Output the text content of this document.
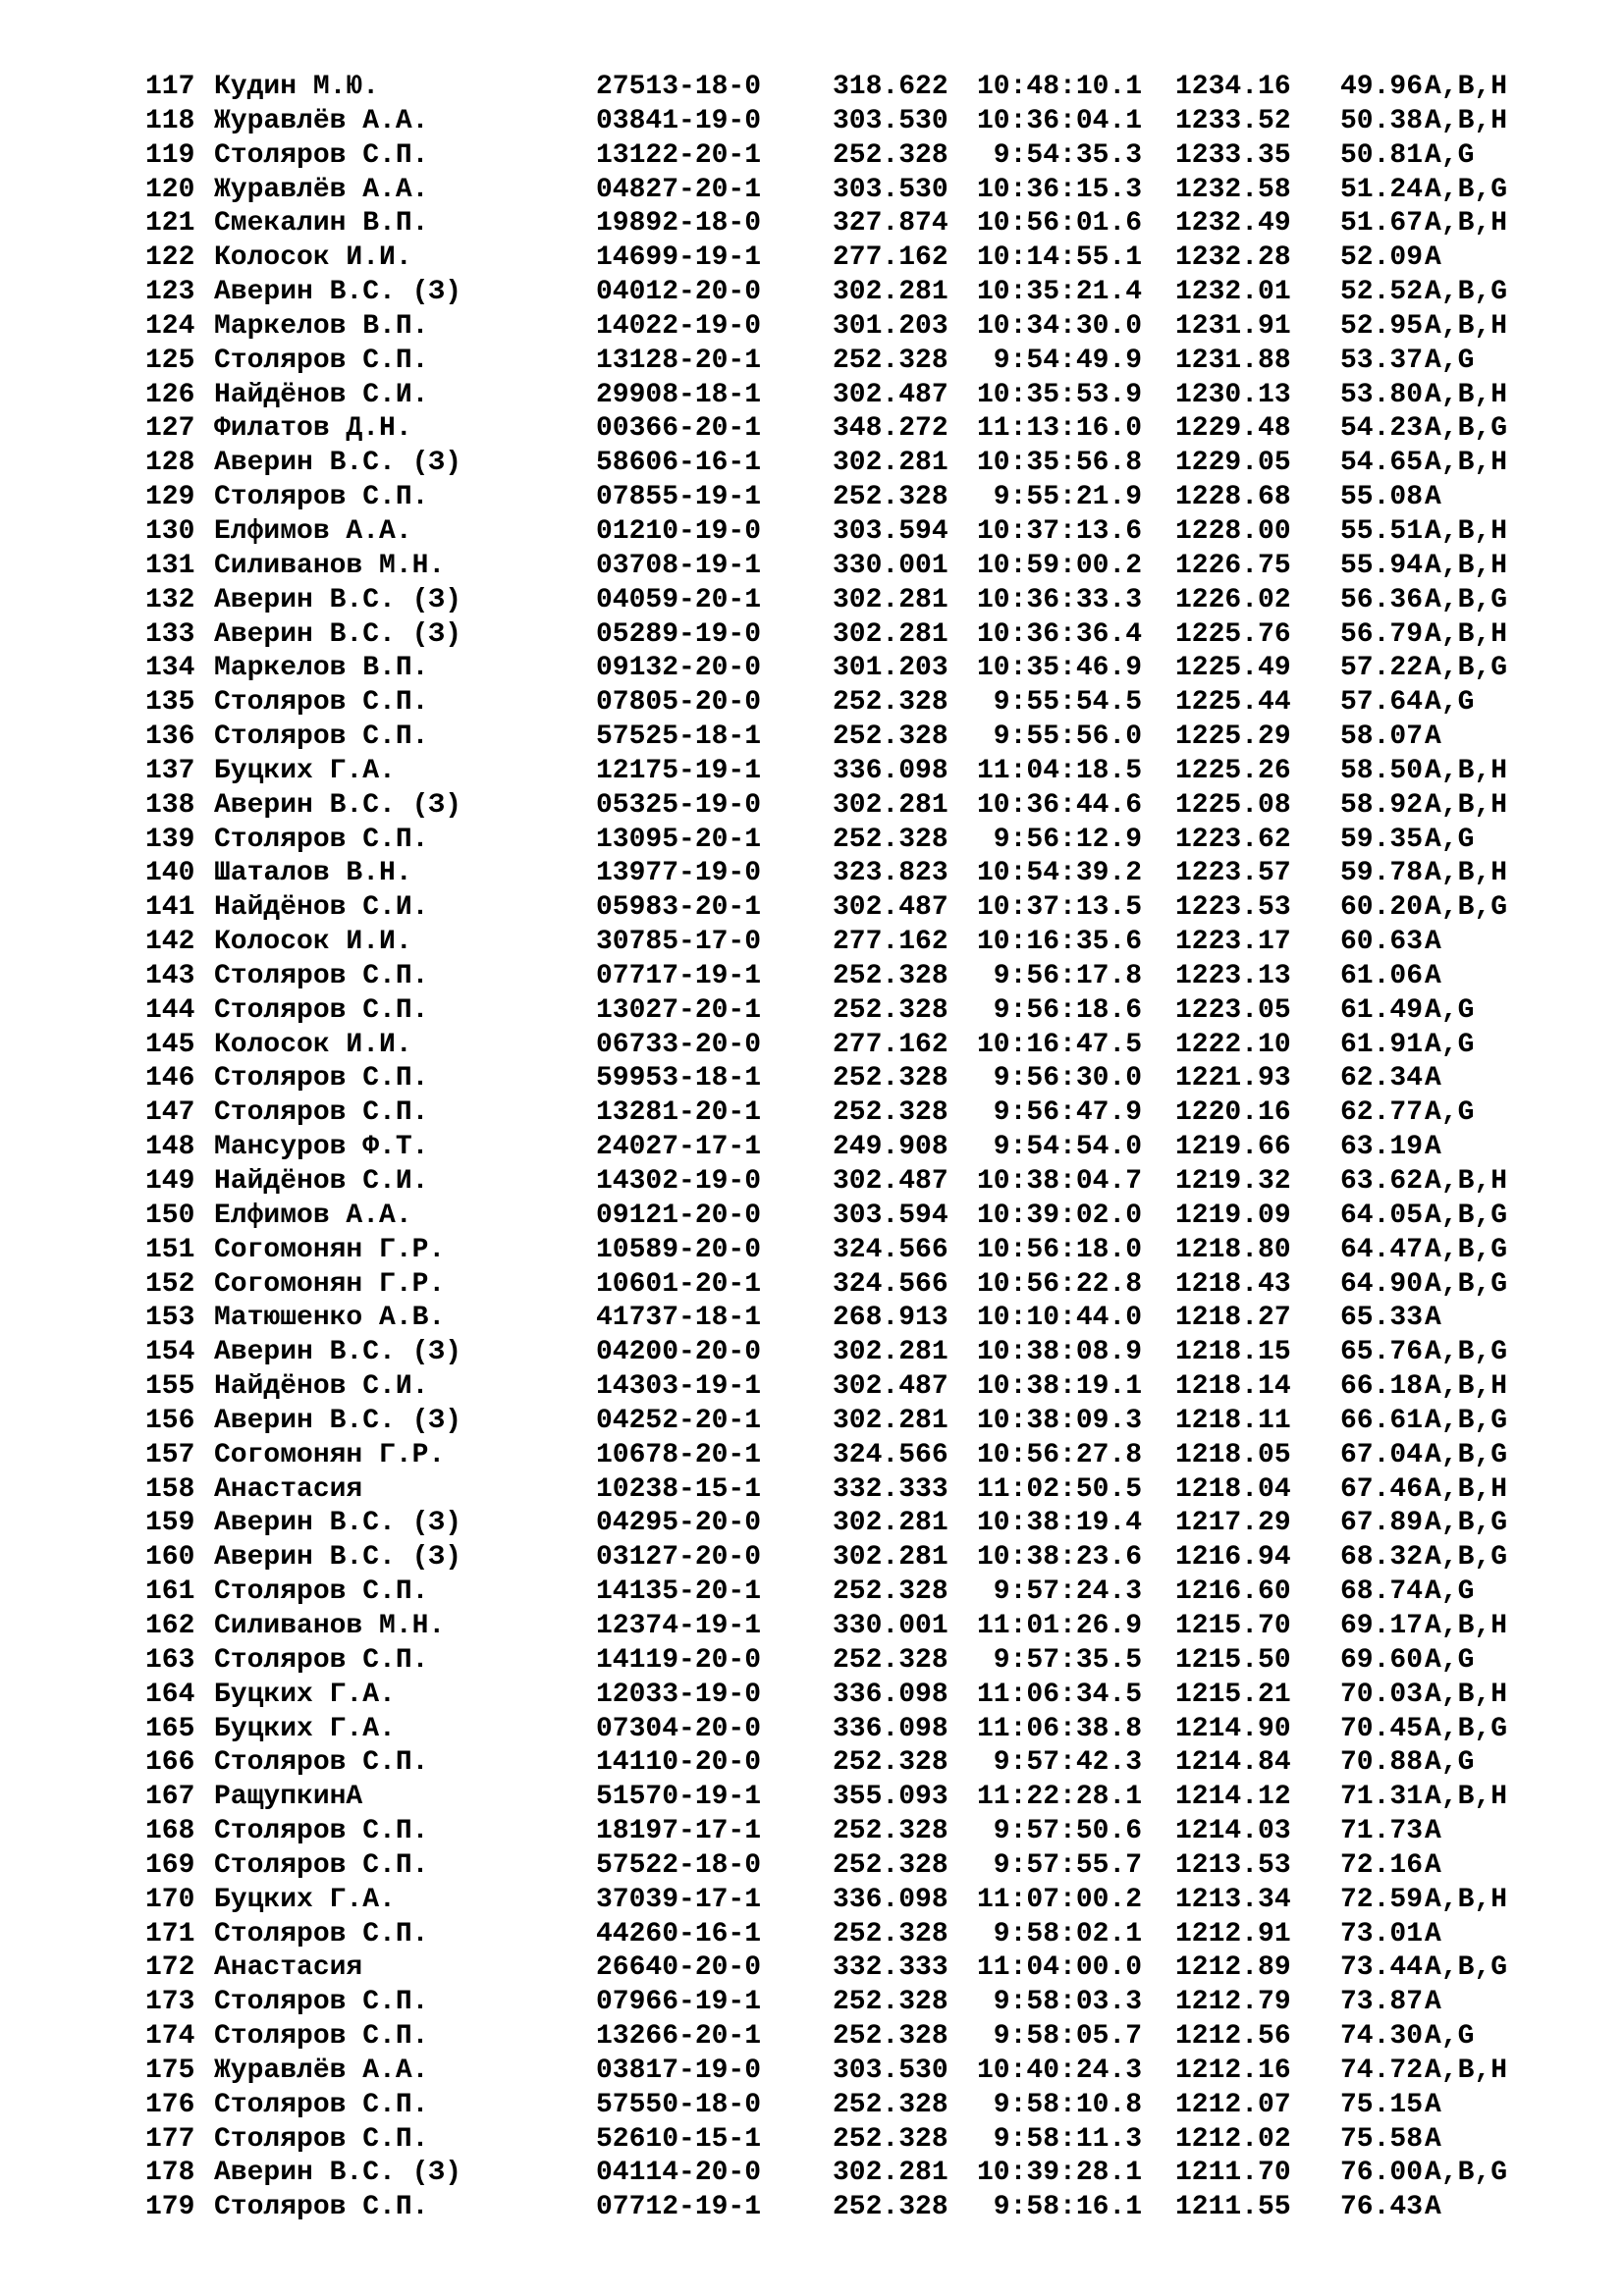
117 Кудин М.Ю.	27513-18-0	318.622 10:48:10.1 1234.16 49.96 A,B,H
118 Журавлёв А.А.	03841-19-0	303.530 10:36:04.1 1233.52 50.38 A,B,H
119 Столяров С.П.	13122-20-1	252.328 9:54:35.3 1233.35 50.81 A,G
120 Журавлёв А.А.	04827-20-1	303.530 10:36:15.3 1232.58 51.24 A,B,G
121 Смекалин В.П.	19892-18-0	327.874 10:56:01.6 1232.49 51.67 A,B,H
122 Колосок И.И.	14699-19-1	277.162 10:14:55.1 1232.28 52.09 A
123 Аверин В.С. (З)	04012-20-0	302.281 10:35:21.4 1232.01 52.52 A,B,G
124 Маркелов В.П.	14022-19-0	301.203 10:34:30.0 1231.91 52.95 A,B,H
125 Столяров С.П.	13128-20-1	252.328 9:54:49.9 1231.88 53.37 A,G
126 Найдёнов С.И.	29908-18-1	302.487 10:35:53.9 1230.13 53.80 A,B,H
127 Филатов Д.Н.	00366-20-1	348.272 11:13:16.0 1229.48 54.23 A,B,G
128 Аверин В.С. (З)	58606-16-1	302.281 10:35:56.8 1229.05 54.65 A,B,H
129 Столяров С.П.	07855-19-1	252.328 9:55:21.9 1228.68 55.08 A
130 Елфимов А.А.	01210-19-0	303.594 10:37:13.6 1228.00 55.51 A,B,H
131 Силиванов М.Н.	03708-19-1	330.001 10:59:00.2 1226.75 55.94 A,B,H
132 Аверин В.С. (З)	04059-20-1	302.281 10:36:33.3 1226.02 56.36 A,B,G
133 Аверин В.С. (З)	05289-19-0	302.281 10:36:36.4 1225.76 56.79 A,B,H
134 Маркелов В.П.	09132-20-0	301.203 10:35:46.9 1225.49 57.22 A,B,G
135 Столяров С.П.	07805-20-0	252.328 9:55:54.5 1225.44 57.64 A,G
136 Столяров С.П.	57525-18-1	252.328 9:55:56.0 1225.29 58.07 A
137 Буцких Г.А.	12175-19-1	336.098 11:04:18.5 1225.26 58.50 A,B,H
138 Аверин В.С. (З)	05325-19-0	302.281 10:36:44.6 1225.08 58.92 A,B,H
139 Столяров С.П.	13095-20-1	252.328 9:56:12.9 1223.62 59.35 A,G
140 Шаталов В.Н.	13977-19-0	323.823 10:54:39.2 1223.57 59.78 A,B,H
141 Найдёнов С.И.	05983-20-1	302.487 10:37:13.5 1223.53 60.20 A,B,G
142 Колосок И.И.	30785-17-0	277.162 10:16:35.6 1223.17 60.63 A
143 Столяров С.П.	07717-19-1	252.328 9:56:17.8 1223.13 61.06 A
144 Столяров С.П.	13027-20-1	252.328 9:56:18.6 1223.05 61.49 A,G
145 Колосок И.И.	06733-20-0	277.162 10:16:47.5 1222.10 61.91 A,G
146 Столяров С.П.	59953-18-1	252.328 9:56:30.0 1221.93 62.34 A
147 Столяров С.П.	13281-20-1	252.328 9:56:47.9 1220.16 62.77 A,G
148 Мансуров Ф.Т.	24027-17-1	249.908 9:54:54.0 1219.66 63.19 A
149 Найдёнов С.И.	14302-19-0	302.487 10:38:04.7 1219.32 63.62 A,B,H
150 Елфимов А.А.	09121-20-0	303.594 10:39:02.0 1219.09 64.05 A,B,G
151 Согомонян Г.Р.	10589-20-0	324.566 10:56:18.0 1218.80 64.47 A,B,G
152 Согомонян Г.Р.	10601-20-1	324.566 10:56:22.8 1218.43 64.90 A,B,G
153 Матюшенко А.В.	41737-18-1	268.913 10:10:44.0 1218.27 65.33 A
154 Аверин В.С. (З)	04200-20-0	302.281 10:38:08.9 1218.15 65.76 A,B,G
155 Найдёнов С.И.	14303-19-1	302.487 10:38:19.1 1218.14 66.18 A,B,H
156 Аверин В.С. (З)	04252-20-1	302.281 10:38:09.3 1218.11 66.61 A,B,G
157 Согомонян Г.Р.	10678-20-1	324.566 10:56:27.8 1218.05 67.04 A,B,G
158 Анастасия	10238-15-1	332.333 11:02:50.5 1218.04 67.46 A,B,H
159 Аверин В.С. (З)	04295-20-0	302.281 10:38:19.4 1217.29 67.89 A,B,G
160 Аверин В.С. (З)	03127-20-0	302.281 10:38:23.6 1216.94 68.32 A,B,G
161 Столяров С.П.	14135-20-1	252.328 9:57:24.3 1216.60 68.74 A,G
162 Силиванов М.Н.	12374-19-1	330.001 11:01:26.9 1215.70 69.17 A,B,H
163 Столяров С.П.	14119-20-0	252.328 9:57:35.5 1215.50 69.60 A,G
164 Буцких Г.А.	12033-19-0	336.098 11:06:34.5 1215.21 70.03 A,B,H
165 Буцких Г.А.	07304-20-0	336.098 11:06:38.8 1214.90 70.45 A,B,G
166 Столяров С.П.	14110-20-0	252.328 9:57:42.3 1214.84 70.88 A,G
167 РащупкинА	51570-19-1	355.093 11:22:28.1 1214.12 71.31 A,B,H
168 Столяров С.П.	18197-17-1	252.328 9:57:50.6 1214.03 71.73 A
169 Столяров С.П.	57522-18-0	252.328 9:57:55.7 1213.53 72.16 A
170 Буцких Г.А.	37039-17-1	336.098 11:07:00.2 1213.34 72.59 A,B,H
171 Столяров С.П.	44260-16-1	252.328 9:58:02.1 1212.91 73.01 A
172 Анастасия	26640-20-0	332.333 11:04:00.0 1212.89 73.44 A,B,G
173 Столяров С.П.	07966-19-1	252.328 9:58:03.3 1212.79 73.87 A
174 Столяров С.П.	13266-20-1	252.328 9:58:05.7 1212.56 74.30 A,G
175 Журавлёв А.А.	03817-19-0	303.530 10:40:24.3 1212.16 74.72 A,B,H
176 Столяров С.П.	57550-18-0	252.328 9:58:10.8 1212.07 75.15 A
177 Столяров С.П.	52610-15-1	252.328 9:58:11.3 1212.02 75.58 A
178 Аверин В.С. (З)	04114-20-0	302.281 10:39:28.1 1211.70 76.00 A,B,G
179 Столяров С.П.	07712-19-1	252.328 9:58:16.1 1211.55 76.43 A
